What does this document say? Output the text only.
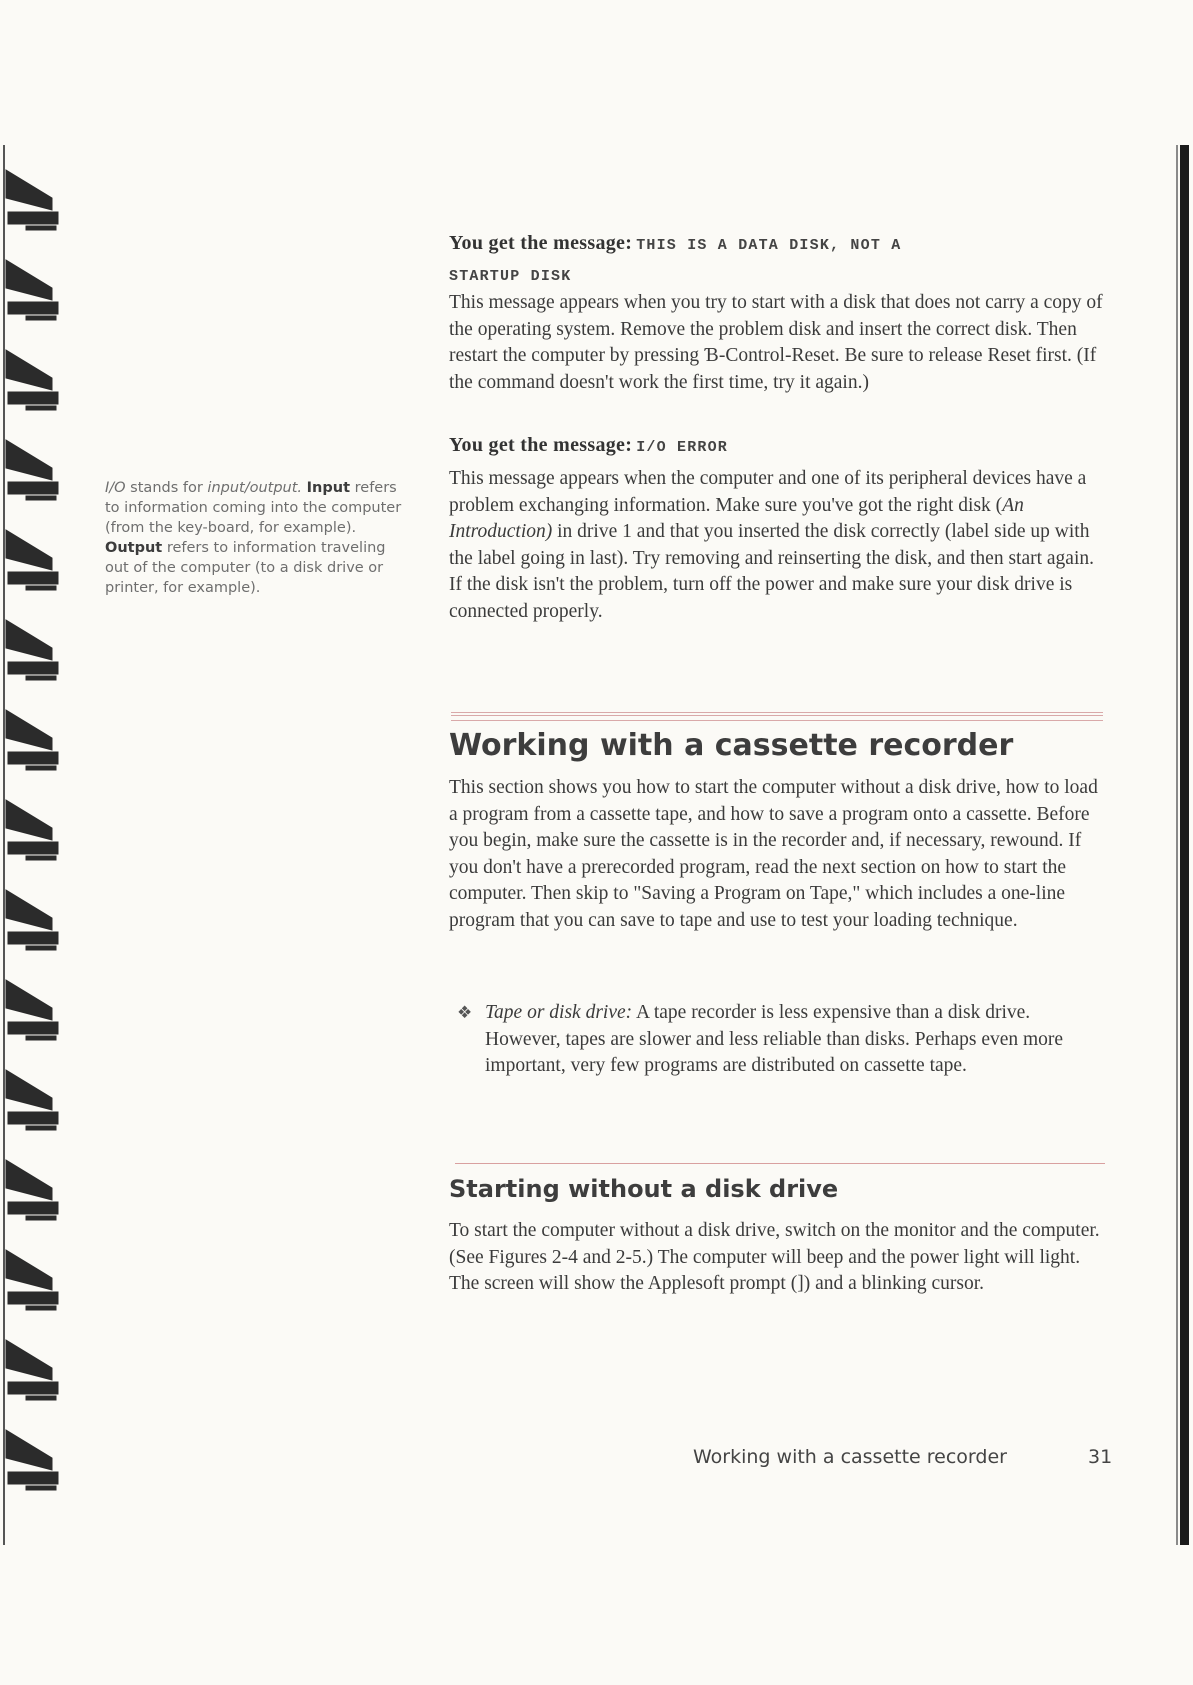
I/O stands for input/output. Input refers to information coming into the computer (from the key-board, for example). Output refers to information traveling out of the computer (to a disk drive or printer, for example).
You get the message: THIS IS A DATA DISK, NOT A
STARTUP DISK
This message appears when you try to start with a disk that does not carry a copy of the operating system. Remove the problem disk and insert the correct disk. Then restart the computer by pressing Ɓ-Control-Reset. Be sure to release Reset first. (If the command doesn't work the first time, try it again.)
You get the message: I/O ERROR
This message appears when the computer and one of its peripheral devices have a problem exchanging information. Make sure you've got the right disk (An Introduction) in drive 1 and that you inserted the disk correctly (label side up with the label going in last). Try removing and reinserting the disk, and then start again. If the disk isn't the problem, turn off the power and make sure your disk drive is connected properly.
Working with a cassette recorder
This section shows you how to start the computer without a disk drive, how to load a program from a cassette tape, and how to save a program onto a cassette. Before you begin, make sure the cassette is in the recorder and, if necessary, rewound. If you don't have a prerecorded program, read the next section on how to start the computer. Then skip to "Saving a Program on Tape," which includes a one-line program that you can save to tape and use to test your loading technique.
❖ Tape or disk drive: A tape recorder is less expensive than a disk drive. However, tapes are slower and less reliable than disks. Perhaps even more important, very few programs are distributed on cassette tape.
Starting without a disk drive
To start the computer without a disk drive, switch on the monitor and the computer. (See Figures 2-4 and 2-5.) The computer will beep and the power light will light. The screen will show the Applesoft prompt (]) and a blinking cursor.
Working with a cassette recorder	31
